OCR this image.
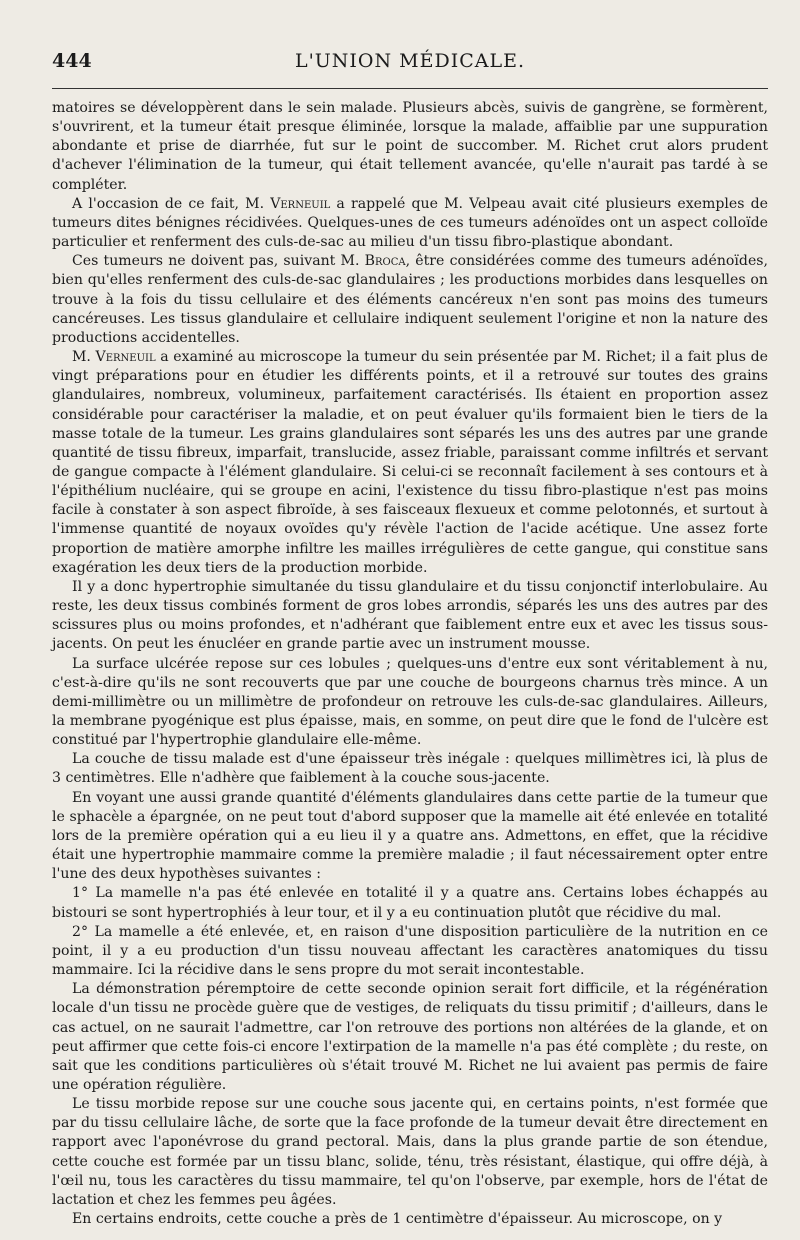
444	L'UNION MÉDICALE.

matoires se développèrent dans le sein malade. Plusieurs abcès, suivis de gangrène, se formèrent, s'ouvrirent, et la tumeur était presque éliminée, lorsque la malade, affaiblie par une suppuration abondante et prise de diarrhée, fut sur le point de succomber. M. Richet crut alors prudent d'achever l'élimination de la tumeur, qui était tellement avancée, qu'elle n'aurait pas tardé à se compléter.

A l'occasion de ce fait, M. Verneuil a rappelé que M. Velpeau avait cité plusieurs exemples de tumeurs dites bénignes récidivées. Quelques-unes de ces tumeurs adénoïdes ont un aspect colloïde particulier et renferment des culs-de-sac au milieu d'un tissu fibro-plastique abondant.

Ces tumeurs ne doivent pas, suivant M. Broca, être considérées comme des tumeurs adénoïdes, bien qu'elles renferment des culs-de-sac glandulaires ; les productions morbides dans lesquelles on trouve à la fois du tissu cellulaire et des éléments cancéreux n'en sont pas moins des tumeurs cancéreuses. Les tissus glandulaire et cellulaire indiquent seulement l'origine et non la nature des productions accidentelles.

M. Verneuil a examiné au microscope la tumeur du sein présentée par M. Richet; il a fait plus de vingt préparations pour en étudier les différents points, et il a retrouvé sur toutes des grains glandulaires, nombreux, volumineux, parfaitement caractérisés. Ils étaient en proportion assez considérable pour caractériser la maladie, et on peut évaluer qu'ils formaient bien le tiers de la masse totale de la tumeur. Les grains glandulaires sont séparés les uns des autres par une grande quantité de tissu fibreux, imparfait, translucide, assez friable, paraissant comme infiltrés et servant de gangue compacte à l'élément glandulaire. Si celui-ci se reconnaît facilement à ses contours et à l'épithélium nucléaire, qui se groupe en acini, l'existence du tissu fibro-plastique n'est pas moins facile à constater à son aspect fibroïde, à ses faisceaux flexueux et comme pelotonnés, et surtout à l'immense quantité de noyaux ovoïdes qu'y révèle l'action de l'acide acétique. Une assez forte proportion de matière amorphe infiltre les mailles irrégulières de cette gangue, qui constitue sans exagération les deux tiers de la production morbide.

Il y a donc hypertrophie simultanée du tissu glandulaire et du tissu conjonctif interlobulaire. Au reste, les deux tissus combinés forment de gros lobes arrondis, séparés les uns des autres par des scissures plus ou moins profondes, et n'adhérant que faiblement entre eux et avec les tissus sous-jacents. On peut les énucléer en grande partie avec un instrument mousse.

La surface ulcérée repose sur ces lobules ; quelques-uns d'entre eux sont véritablement à nu, c'est-à-dire qu'ils ne sont recouverts que par une couche de bourgeons charnus très mince. A un demi-millimètre ou un millimètre de profondeur on retrouve les culs-de-sac glandulaires. Ailleurs, la membrane pyogénique est plus épaisse, mais, en somme, on peut dire que le fond de l'ulcère est constitué par l'hypertrophie glandulaire elle-même.

La couche de tissu malade est d'une épaisseur très inégale : quelques millimètres ici, là plus de 3 centimètres. Elle n'adhère que faiblement à la couche sous-jacente.

En voyant une aussi grande quantité d'éléments glandulaires dans cette partie de la tumeur que le sphacèle a épargnée, on ne peut tout d'abord supposer que la mamelle ait été enlevée en totalité lors de la première opération qui a eu lieu il y a quatre ans. Admettons, en effet, que la récidive était une hypertrophie mammaire comme la première maladie ; il faut nécessairement opter entre l'une des deux hypothèses suivantes :

1° La mamelle n'a pas été enlevée en totalité il y a quatre ans. Certains lobes échappés au bistouri se sont hypertrophiés à leur tour, et il y a eu continuation plutôt que récidive du mal.

2° La mamelle a été enlevée, et, en raison d'une disposition particulière de la nutrition en ce point, il y a eu production d'un tissu nouveau affectant les caractères anatomiques du tissu mammaire. Ici la récidive dans le sens propre du mot serait incontestable.

La démonstration péremptoire de cette seconde opinion serait fort difficile, et la régénération locale d'un tissu ne procède guère que de vestiges, de reliquats du tissu primitif ; d'ailleurs, dans le cas actuel, on ne saurait l'admettre, car l'on retrouve des portions non altérées de la glande, et on peut affirmer que cette fois-ci encore l'extirpation de la mamelle n'a pas été complète ; du reste, on sait que les conditions particulières où s'était trouvé M. Richet ne lui avaient pas permis de faire une opération régulière.

Le tissu morbide repose sur une couche sous jacente qui, en certains points, n'est formée que par du tissu cellulaire lâche, de sorte que la face profonde de la tumeur devait être directement en rapport avec l'aponévrose du grand pectoral. Mais, dans la plus grande partie de son étendue, cette couche est formée par un tissu blanc, solide, ténu, très résistant, élastique, qui offre déjà, à l'œil nu, tous les caractères du tissu mammaire, tel qu'on l'observe, par exemple, hors de l'état de lactation et chez les femmes peu âgées.

En certains endroits, cette couche a près de 1 centimètre d'épaisseur. Au microscope, on y
